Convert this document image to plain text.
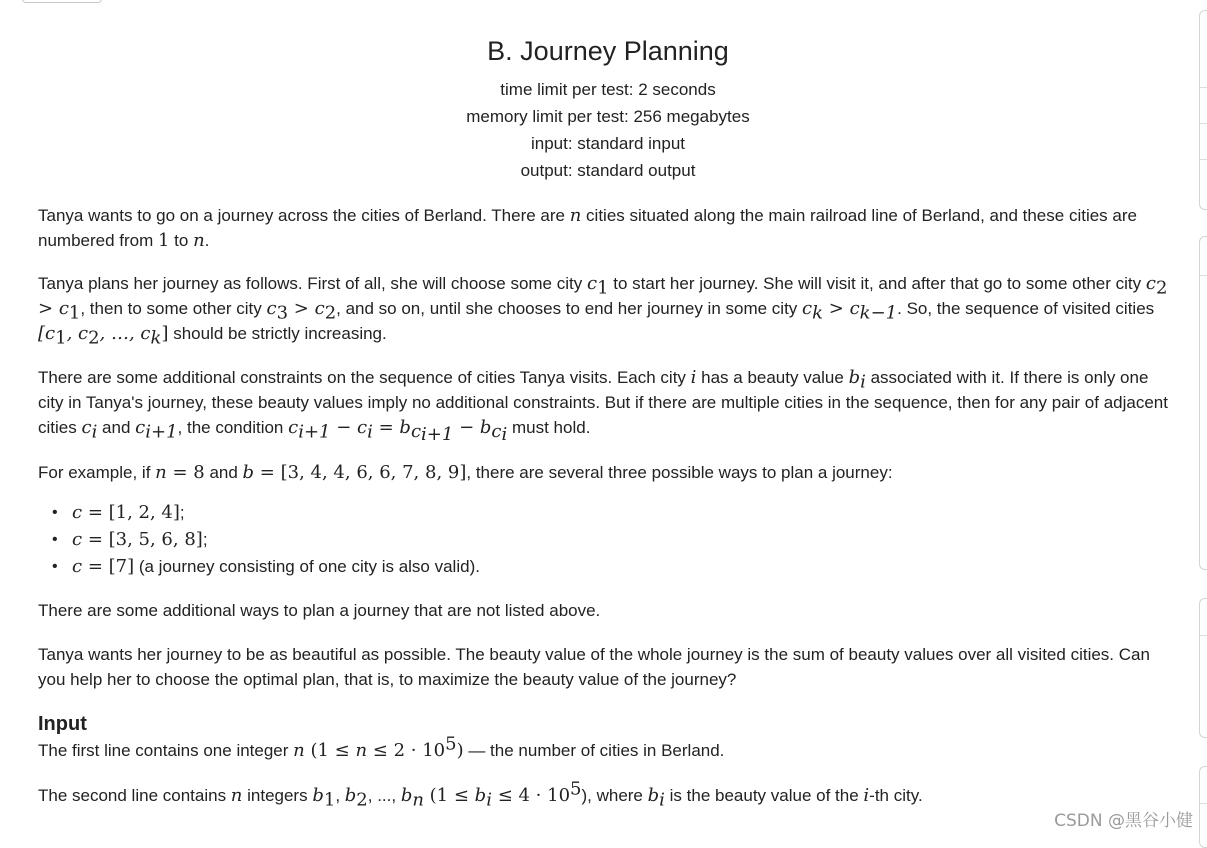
B. Journey Planning
time limit per test: 2 seconds
memory limit per test: 256 megabytes
input: standard input
output: standard output

Tanya wants to go on a journey across the cities of Berland. There are n cities situated along the main railroad line of Berland, and these cities are numbered from 1 to n.

Tanya plans her journey as follows. First of all, she will choose some city $c_1$ to start her journey. She will visit it, and after that go to some other city $c_2 > c_1$, then to some other city $c_3 > c_2$, and so on, until she chooses to end her journey in some city $c_k > c_{k-1}$. So, the sequence of visited cities [$c_1$, $c_2$, …, $c_k$] should be strictly increasing.

There are some additional constraints on the sequence of cities Tanya visits. Each city i has a beauty value $b_i$ associated with it. If there is only one city in Tanya's journey, these beauty values imply no additional constraints. But if there are multiple cities in the sequence, then for any pair of adjacent cities $c_i$ and $c_{i+1}$, the condition $c_{i+1} - c_i = b_{c_{i+1}} - b_{c_i}$ must hold.

For example, if n = 8 and b = [3, 4, 4, 6, 6, 7, 8, 9], there are several three possible ways to plan a journey:

• c = [1, 2, 4];
• c = [3, 5, 6, 8];
• c = [7] (a journey consisting of one city is also valid).

There are some additional ways to plan a journey that are not listed above.

Tanya wants her journey to be as beautiful as possible. The beauty value of the whole journey is the sum of beauty values over all visited cities. Can you help her to choose the optimal plan, that is, to maximize the beauty value of the journey?

Input

The first line contains one integer n $(1 \le n \le 2 \cdot 10^5)$ — the number of cities in Berland.

The second line contains n integers $b_1$, $b_2$, ..., $b_n$ $(1 \le b_i \le 4 \cdot 10^5)$, where $b_i$ is the beauty value of the i-th city.

CSDN @黑谷小健
